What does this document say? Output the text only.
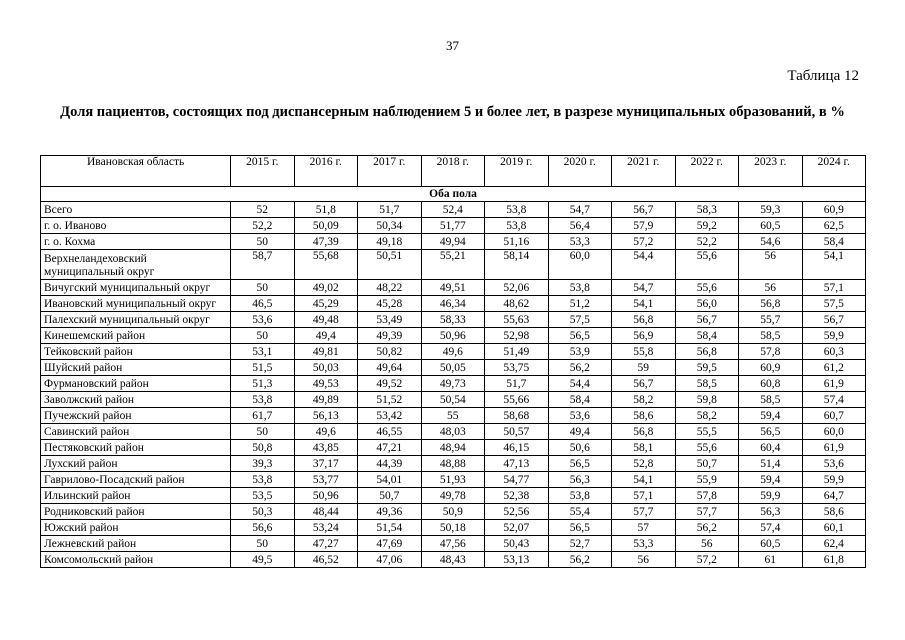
37
Таблица 12
Доля пациентов, состоящих под диспансерным наблюдением 5 и более лет, в разрезе муниципальных образований, в %
Ивановская область	2015 г.	2016 г.	2017 г.	2018 г.	2019 г.	2020 г.	2021 г.	2022 г.	2023 г.	2024 г.
Оба пола										
Всего	52	51,8	51,7	52,4	53,8	54,7	56,7	58,3	59,3	60,9
г. о. Иваново	52,2	50,09	50,34	51,77	53,8	56,4	57,9	59,2	60,5	62,5
г. о. Кохма	50	47,39	49,18	49,94	51,16	53,3	57,2	52,2	54,6	58,4
Верхнеландеховский муниципальный округ	58,7	55,68	50,51	55,21	58,14	60,0	54,4	55,6	56	54,1
Вичугский муниципальный округ	50	49,02	48,22	49,51	52,06	53,8	54,7	55,6	56	57,1
Ивановский муниципальный округ	46,5	45,29	45,28	46,34	48,62	51,2	54,1	56,0	56,8	57,5
Палехский муниципальный округ	53,6	49,48	53,49	58,33	55,63	57,5	56,8	56,7	55,7	56,7
Кинешемский район	50	49,4	49,39	50,96	52,98	56,5	56,9	58,4	58,5	59,9
Тейковский район	53,1	49,81	50,82	49,6	51,49	53,9	55,8	56,8	57,8	60,3
Шуйский район	51,5	50,03	49,64	50,05	53,75	56,2	59	59,5	60,9	61,2
Фурмановский район	51,3	49,53	49,52	49,73	51,7	54,4	56,7	58,5	60,8	61,9
Заволжский район	53,8	49,89	51,52	50,54	55,66	58,4	58,2	59,8	58,5	57,4
Пучежский район	61,7	56,13	53,42	55	58,68	53,6	58,6	58,2	59,4	60,7
Савинский район	50	49,6	46,55	48,03	50,57	49,4	56,8	55,5	56,5	60,0
Пестяковский район	50,8	43,85	47,21	48,94	46,15	50,6	58,1	55,6	60,4	61,9
Лухский район	39,3	37,17	44,39	48,88	47,13	56,5	52,8	50,7	51,4	53,6
Гаврилово-Посадский район	53,8	53,77	54,01	51,93	54,77	56,3	54,1	55,9	59,4	59,9
Ильинский район	53,5	50,96	50,7	49,78	52,38	53,8	57,1	57,8	59,9	64,7
Родниковский район	50,3	48,44	49,36	50,9	52,56	55,4	57,7	57,7	56,3	58,6
Южский район	56,6	53,24	51,54	50,18	52,07	56,5	57	56,2	57,4	60,1
Лежневский район	50	47,27	47,69	47,56	50,43	52,7	53,3	56	60,5	62,4
Комсомольский район	49,5	46,52	47,06	48,43	53,13	56,2	56	57,2	61	61,8
